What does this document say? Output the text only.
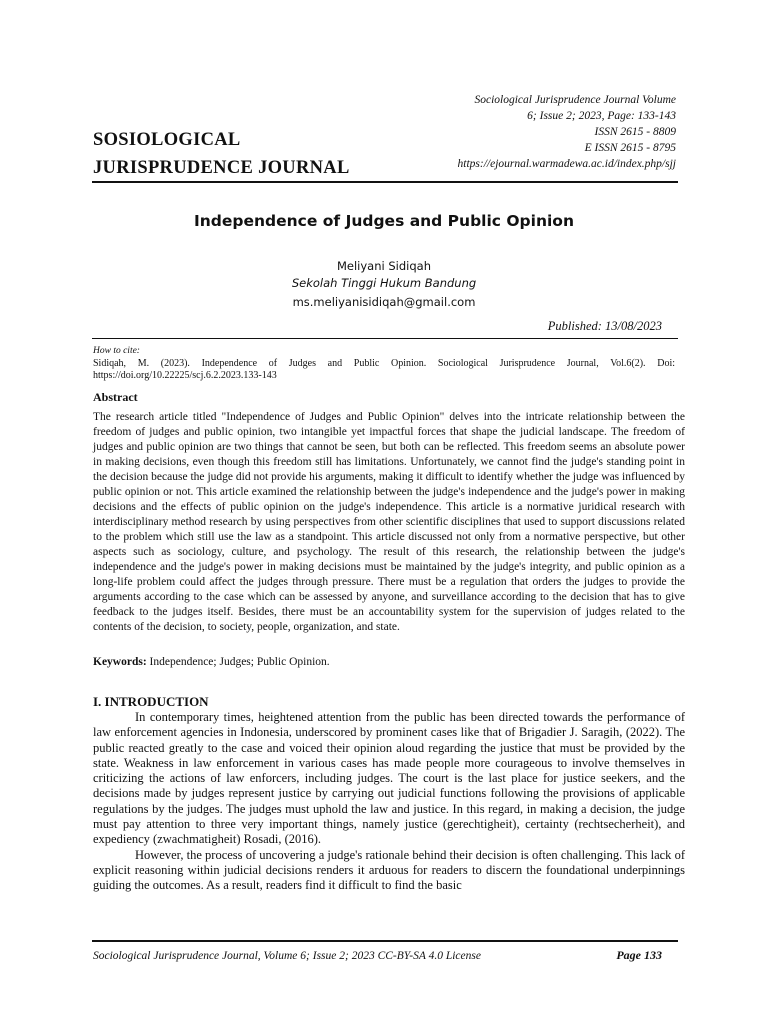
Sociological Jurisprudence Journal Volume
6; Issue 2; 2023, Page: 133-143
ISSN 2615 - 8809
E ISSN 2615 - 8795
https://ejournal.warmadewa.ac.id/index.php/sjj
SOSIOLOGICAL
JURISPRUDENCE JOURNAL
Independence of Judges and Public Opinion
Meliyani Sidiqah
Sekolah Tinggi Hukum Bandung
ms.meliyanisidiqah@gmail.com
Published: 13/08/2023
How to cite:
Sidiqah, M. (2023). Independence of Judges and Public Opinion. Sociological Jurisprudence Journal, Vol.6(2). Doi: https://doi.org/10.22225/scj.6.2.2023.133-143
Abstract

The research article titled "Independence of Judges and Public Opinion" delves into the intricate relationship between the freedom of judges and public opinion, two intangible yet impactful forces that shape the judicial landscape. The freedom of judges and public opinion are two things that cannot be seen, but both can be reflected. This freedom seems an absolute power in making decisions, even though this freedom still has limitations. Unfortunately, we cannot find the judge's standing point in the decision because the judge did not provide his arguments, making it difficult to identify whether the judge was influenced by public opinion or not. This article examined the relationship between the judge's independence and the judge's power in making decisions and the effects of public opinion on the judge's independence. This article is a normative juridical research with interdisciplinary method research by using perspectives from other scientific disciplines that used to support discussions related to the problem which still use the law as a standpoint. This article discussed not only from a normative perspective, but other aspects such as sociology, culture, and psychology. The result of this research, the relationship between the judge's independence and the judge's power in making decisions must be maintained by the judge's integrity, and public opinion as a long-life problem could affect the judges through pressure. There must be a regulation that orders the judges to provide the arguments according to the case which can be assessed by anyone, and surveillance according to the decision that has to give feedback to the judges itself. Besides, there must be an accountability system for the supervision of judges related to the contents of the decision, to society, people, organization, and state.

Keywords: Independence; Judges; Public Opinion.
I. INTRODUCTION

In contemporary times, heightened attention from the public has been directed towards the performance of law enforcement agencies in Indonesia, underscored by prominent cases like that of Brigadier J. Saragih, (2022). The public reacted greatly to the case and voiced their opinion aloud regarding the justice that must be provided by the state. Weakness in law enforcement in various cases has made people more courageous to involve themselves in criticizing the actions of law enforcers, including judges. The court is the last place for justice seekers, and the decisions made by judges represent justice by carrying out judicial functions following the provisions of applicable regulations by the judges. The judges must uphold the law and justice. In this regard, in making a decision, the judge must pay attention to three very important things, namely justice (gerechtigheit), certainty (rechtsecherheit), and expediency (zwachmatigheit) Rosadi, (2016).

However, the process of uncovering a judge's rationale behind their decision is often challenging. This lack of explicit reasoning within judicial decisions renders it arduous for readers to discern the foundational underpinnings guiding the outcomes. As a result, readers find it difficult to find the basic

Sociological Jurisprudence Journal, Volume 6; Issue 2; 2023 CC-BY-SA 4.0 License	Page 133
